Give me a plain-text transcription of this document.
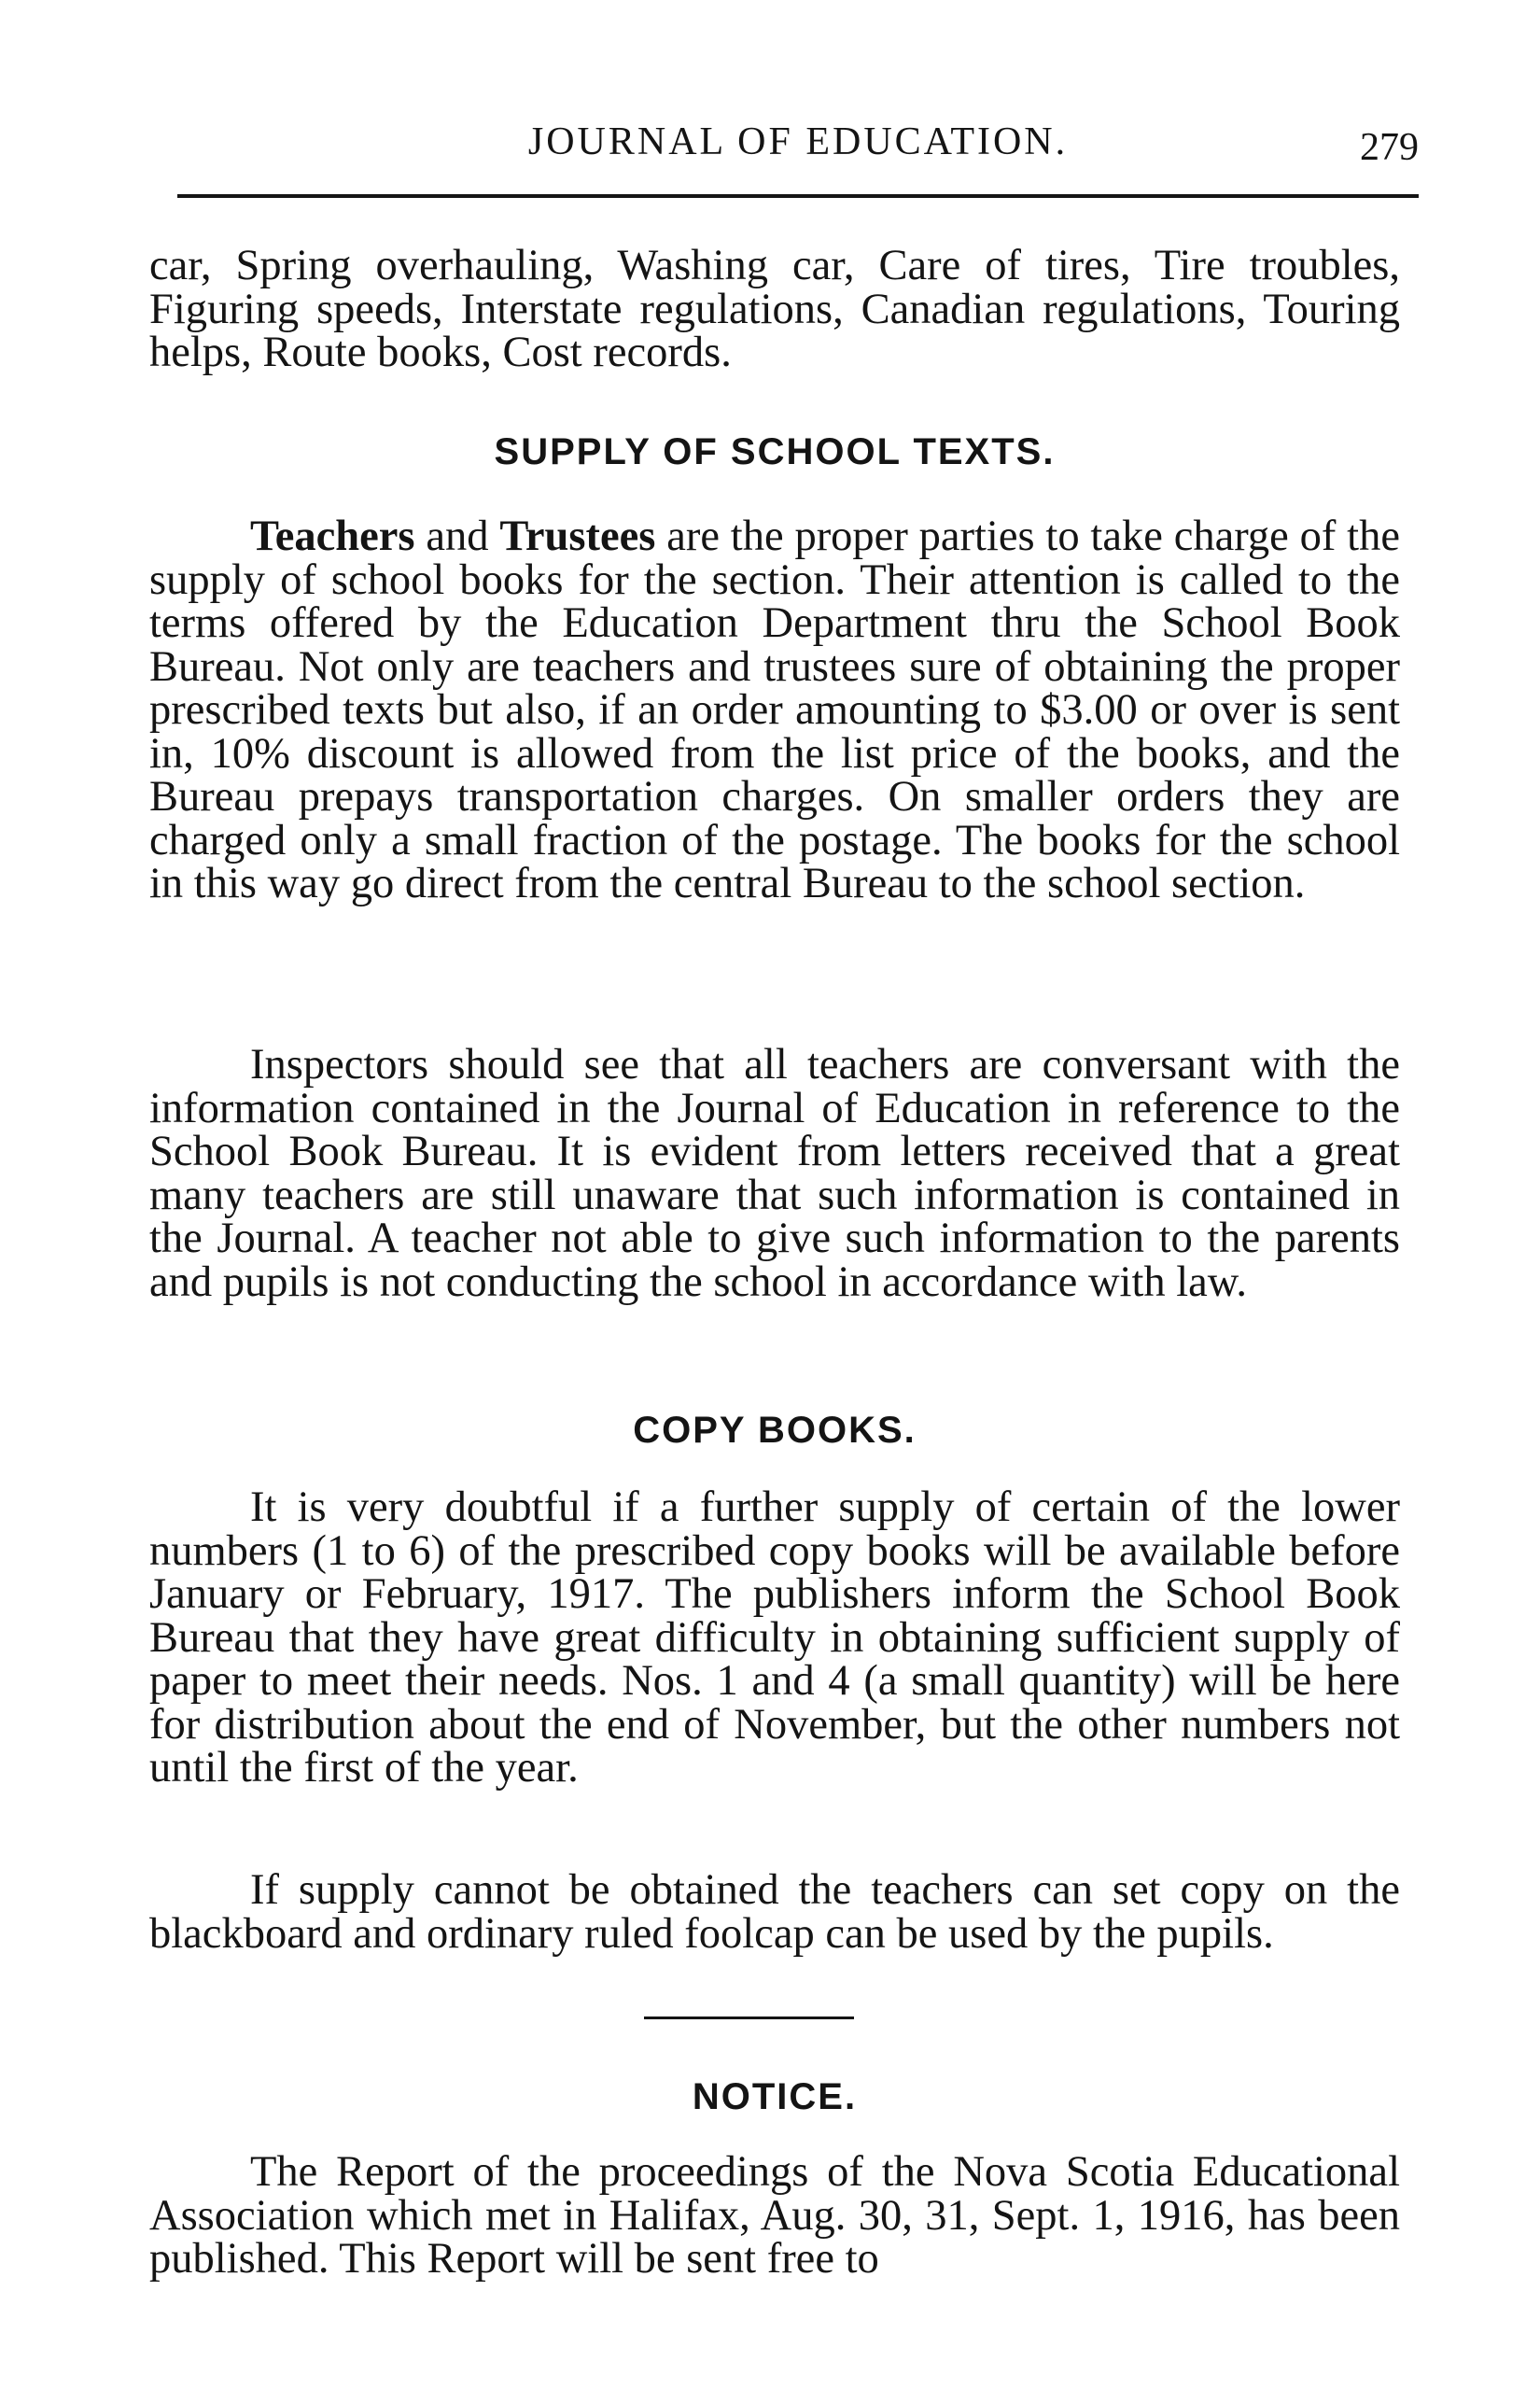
JOURNAL OF EDUCATION.	279

car, Spring overhauling, Washing car, Care of tires, Tire troubles, Figuring speeds, Interstate regulations, Canadian regulations, Touring helps, Route books, Cost records.

SUPPLY OF SCHOOL TEXTS.

Teachers and Trustees are the proper parties to take charge of the supply of school books for the section. Their attention is called to the terms offered by the Education Department thru the School Book Bureau. Not only are teachers and trustees sure of obtaining the proper prescribed texts but also, if an order amounting to $3.00 or over is sent in, 10% discount is allowed from the list price of the books, and the Bureau prepays transportation charges. On smaller orders they are charged only a small fraction of the postage. The books for the school in this way go direct from the central Bureau to the school section.

Inspectors should see that all teachers are conversant with the information contained in the Journal of Education in reference to the School Book Bureau. It is evident from letters received that a great many teachers are still unaware that such information is contained in the Journal. A teacher not able to give such information to the parents and pupils is not conducting the school in accordance with law.

COPY BOOKS.

It is very doubtful if a further supply of certain of the lower numbers (1 to 6) of the prescribed copy books will be available before January or February, 1917. The publishers inform the School Book Bureau that they have great difficulty in obtaining sufficient supply of paper to meet their needs. Nos. 1 and 4 (a small quantity) will be here for distribution about the end of November, but the other numbers not until the first of the year.

If supply cannot be obtained the teachers can set copy on the blackboard and ordinary ruled foolcap can be used by the pupils.

NOTICE.

The Report of the proceedings of the Nova Scotia Educational Association which met in Halifax, Aug. 30, 31, Sept. 1, 1916, has been published. This Report will be sent free to
